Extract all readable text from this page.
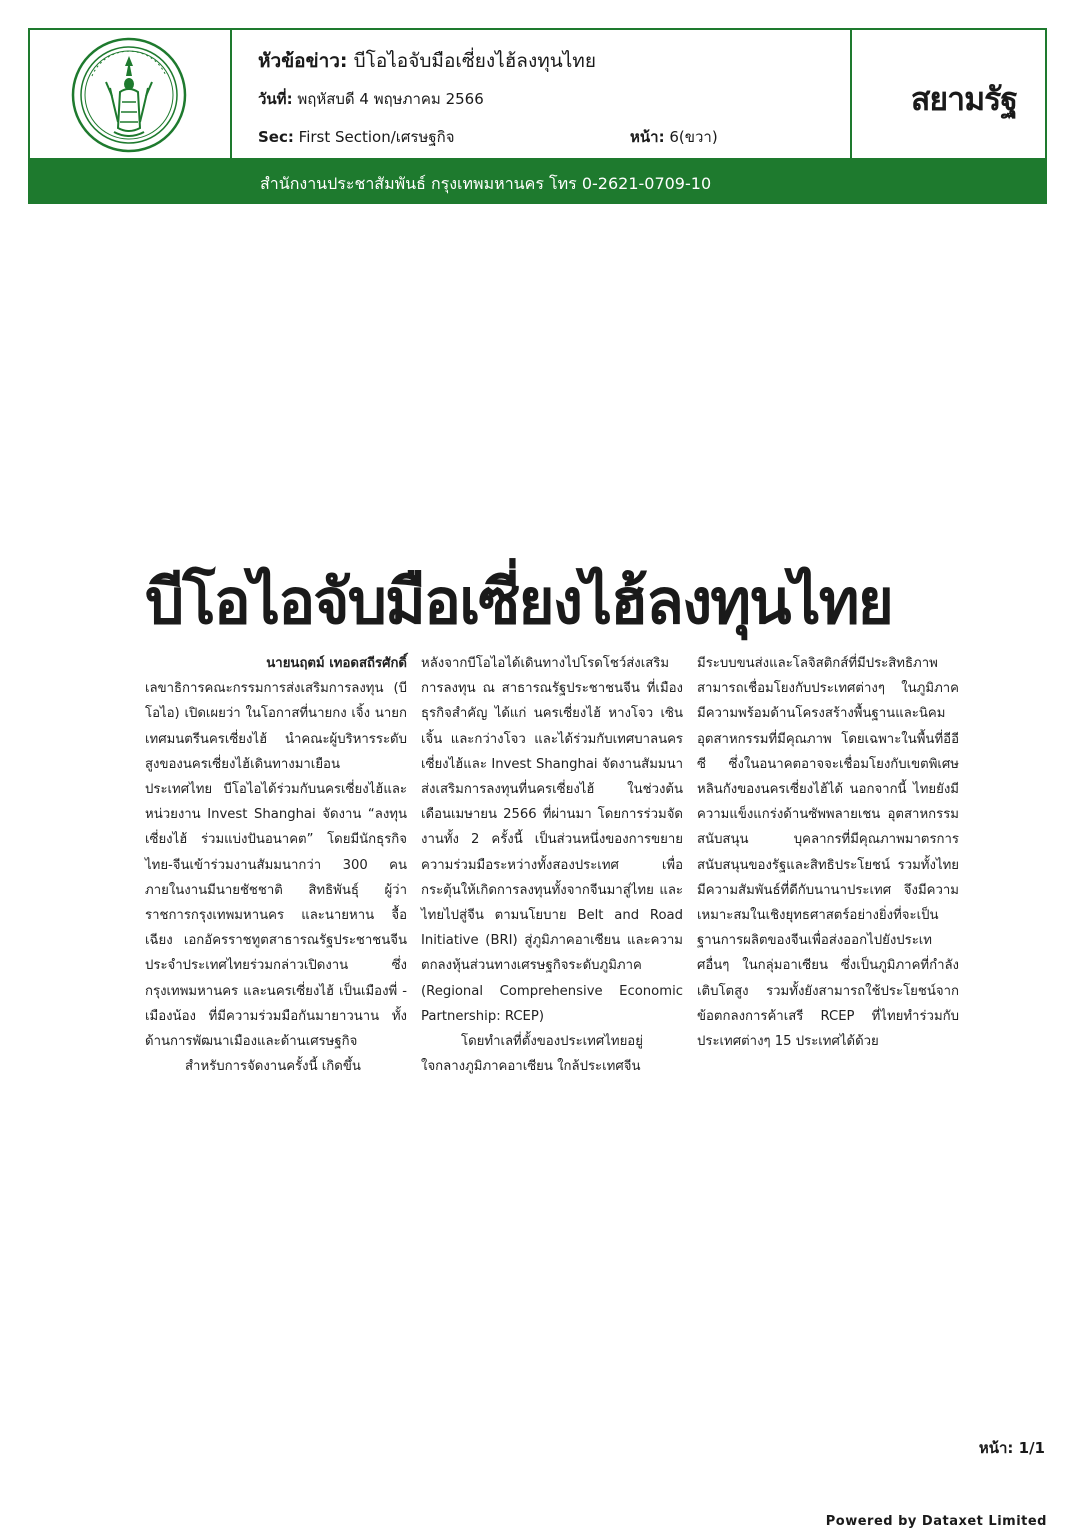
หัวข้อข่าว: บีโอไอจับมือเซี่ยงไฮ้ลงทุนไทย
วันที่: พฤหัสบดี 4 พฤษภาคม 2566
Sec: First Section/เศรษฐกิจ	หน้า: 6(ขวา)
สยามรัฐ
สำนักงานประชาสัมพันธ์ กรุงเทพมหานคร โทร 0-2621-0709-10
บีโอไอจับมือเซี่ยงไฮ้ลงทุนไทย

นายนฤตม์ เทอดสถีรศักดิ์

เลขาธิการคณะกรรมการส่งเสริมการลงทุน (บีโอไอ) เปิดเผยว่า ในโอกาสที่นายกง เจิ้ง นายกเทศมนตรีนครเซี่ยงไฮ้ นำคณะผู้บริหารระดับสูงของนครเซี่ยงไฮ้เดินทางมาเยือนประเทศไทย บีโอไอได้ร่วมกับนครเซี่ยงไฮ้และหน่วยงาน Invest Shanghai จัดงาน “ลงทุนเซี่ยงไฮ้ ร่วมแบ่งปันอนาคต” โดยมีนักธุรกิจไทย-จีนเข้าร่วมงานสัมมนากว่า 300 คน ภายในงานมีนายชัชชาติ สิทธิพันธุ์ ผู้ว่าราชการกรุงเทพมหานคร และนายหาน จื้อเฉียง เอกอัครราชทูตสาธารณรัฐประชาชนจีนประจำประเทศไทยร่วมกล่าวเปิดงาน ซึ่งกรุงเทพมหานคร และนครเซี่ยงไฮ้ เป็นเมืองพี่ - เมืองน้อง ที่มีความร่วมมือกันมายาวนาน ทั้งด้านการพัฒนาเมืองและด้านเศรษฐกิจ

สำหรับการจัดงานครั้งนี้ เกิดขึ้น

หลังจากบีโอไอได้เดินทางไปโรดโชว์ส่งเสริมการลงทุน ณ สาธารณรัฐประชาชนจีน ที่เมืองธุรกิจสำคัญ ได้แก่ นครเซี่ยงไฮ้ หางโจว เซินเจิ้น และกว่างโจว และได้ร่วมกับเทศบาลนครเซี่ยงไฮ้และ Invest Shanghai จัดงานสัมมนาส่งเสริมการลงทุนที่นครเซี่ยงไฮ้ ในช่วงต้นเดือนเมษายน 2566 ที่ผ่านมา โดยการร่วมจัดงานทั้ง 2 ครั้งนี้ เป็นส่วนหนึ่งของการขยายความร่วมมือระหว่างทั้งสองประเทศ เพื่อกระตุ้นให้เกิดการลงทุนทั้งจากจีนมาสู่ไทย และไทยไปสู่จีน ตามนโยบาย Belt and Road Initiative (BRI) สู่ภูมิภาคอาเซียน และความตกลงหุ้นส่วนทางเศรษฐกิจระดับภูมิภาค (Regional Comprehensive Economic Partnership: RCEP)

โดยทำเลที่ตั้งของประเทศไทยอยู่ใจกลางภูมิภาคอาเซียน ใกล้ประเทศจีน

มีระบบขนส่งและโลจิสติกส์ที่มีประสิทธิภาพ สามารถเชื่อมโยงกับประเทศต่างๆ ในภูมิภาค มีความพร้อมด้านโครงสร้างพื้นฐานและนิคมอุตสาหกรรมที่มีคุณภาพ โดยเฉพาะในพื้นที่อีอีซี ซึ่งในอนาคตอาจจะเชื่อมโยงกับเขตพิเศษหลินกังของนครเซี่ยงไฮ้ได้ นอกจากนี้ ไทยยังมีความแข็งแกร่งด้านซัพพลายเชน อุตสาหกรรมสนับสนุน บุคลากรที่มีคุณภาพมาตรการสนับสนุนของรัฐและสิทธิประโยชน์ รวมทั้งไทยมีความสัมพันธ์ที่ดีกับนานาประเทศ จึงมีความเหมาะสมในเชิงยุทธศาสตร์อย่างยิ่งที่จะเป็นฐานการผลิตของจีนเพื่อส่งออกไปยังประเทศอื่นๆ ในกลุ่มอาเซียน ซึ่งเป็นภูมิภาคที่กำลังเติบโตสูง รวมทั้งยังสามารถใช้ประโยชน์จากข้อตกลงการค้าเสรี RCEP ที่ไทยทำร่วมกับประเทศต่างๆ 15 ประเทศได้ด้วย

หน้า: 1/1
Powered by Dataxet Limited
